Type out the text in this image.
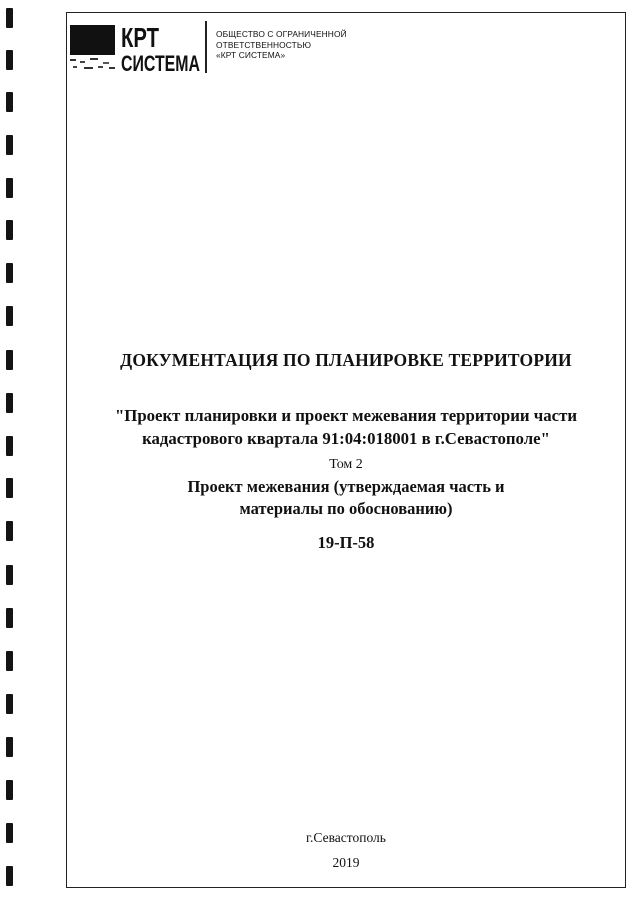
КРТ
СИСТЕМА
ОБЩЕСТВО С ОГРАНИЧЕННОЙ
ОТВЕТСТВЕННОСТЬЮ
«КРТ СИСТЕМА»
ДОКУМЕНТАЦИЯ ПО ПЛАНИРОВКЕ ТЕРРИТОРИИ
"Проект планировки и проект межевания территории части
кадастрового квартала 91:04:018001 в г.Севастополе"
Том 2
Проект межевания (утверждаемая часть и
материалы по обоснованию)
19-П-58
г.Севастополь
2019
